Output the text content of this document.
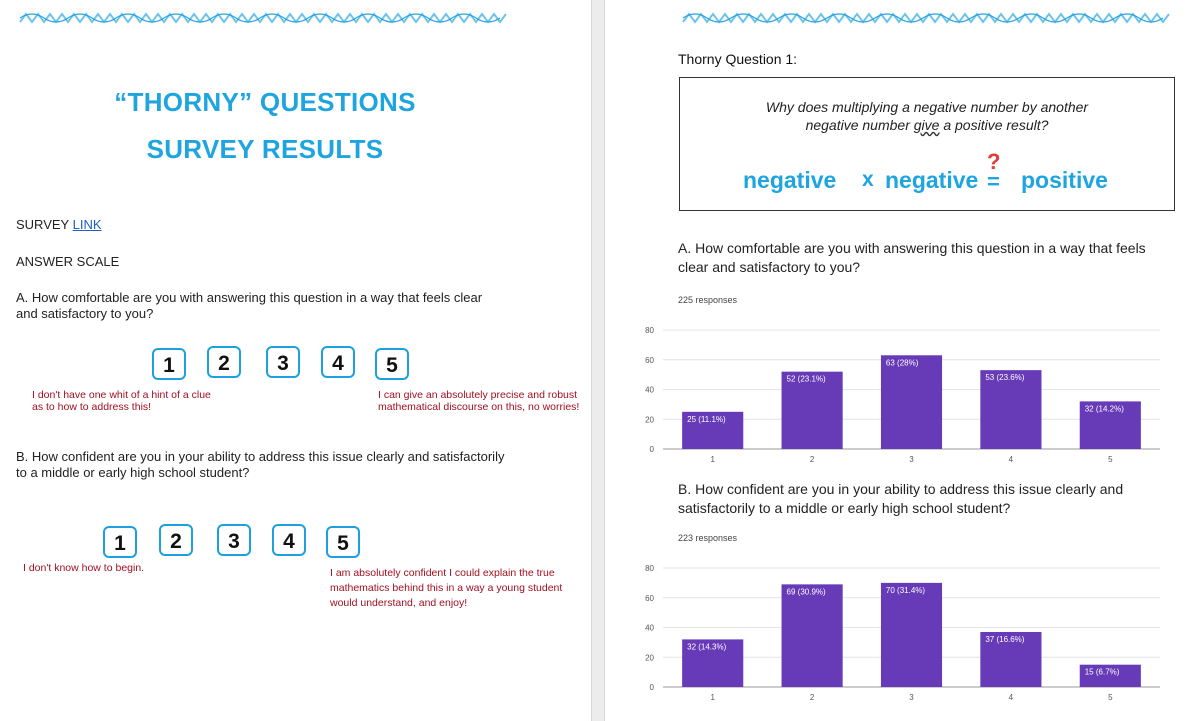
“THORNY” QUESTIONS
SURVEY RESULTS
SURVEY LINK
ANSWER SCALE
A. How comfortable are you with answering this question in a way that feels clear and satisfactory to you?
1	2	3	4	5
I don't have one whit of a hint of a clue as to how to address this!
I can give an absolutely precise and robust mathematical discourse on this, no worries!
B. How confident are you in your ability to address this issue clearly and satisfactorily to a middle or early high school student?
1	2	3	4	5
I don't know how to begin.	I am absolutely confident I could explain the true mathematics behind this in a way a young student would understand, and enjoy!
Thorny Question 1:
Why does multiplying a negative number by another
negative number give a positive result?
negative x negative
?
= positive
A. How comfortable are you with answering this question in a way that feels clear and satisfactory to you?
225 responses
0
20
40
60
80
25 (11.1%)
1
52 (23.1%)
2
63 (28%)
3
53 (23.6%)
4
32 (14.2%)
5
B. How confident are you in your ability to address this issue clearly and satisfactorily to a middle or early high school student?
223 responses
0
20
40
60
80
32 (14.3%)
1
69 (30.9%)
2
70 (31.4%)
3
37 (16.6%)
4
15 (6.7%)
5
